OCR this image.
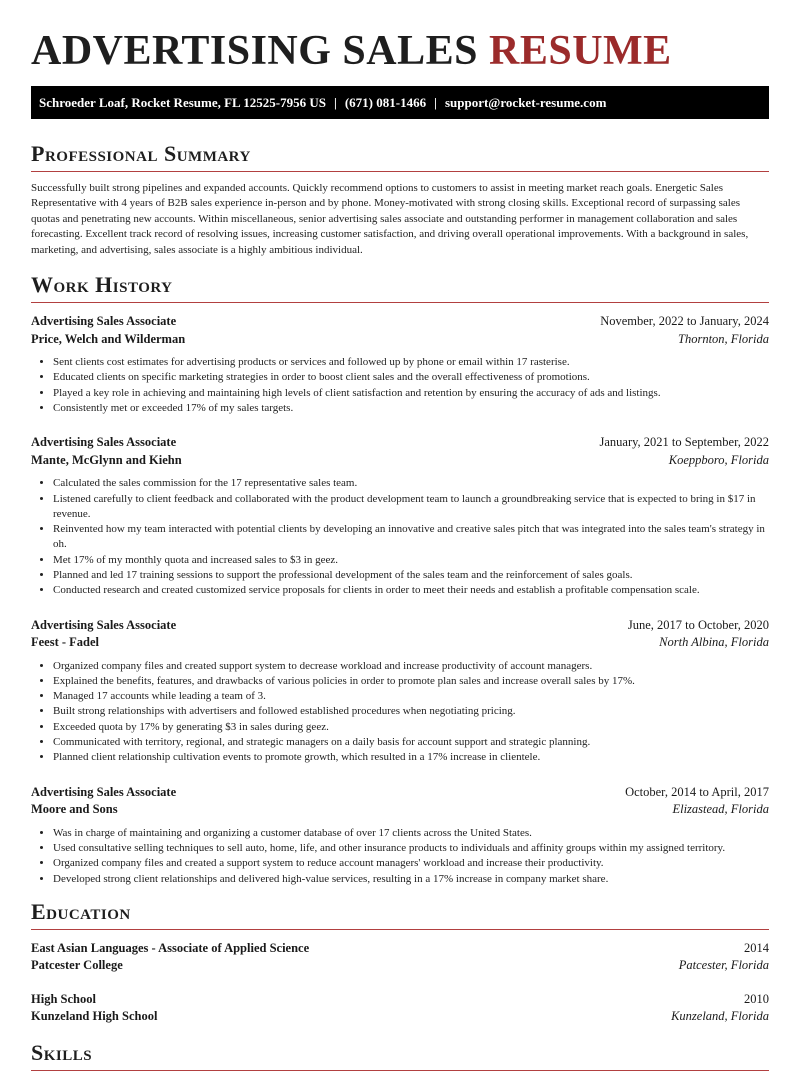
ADVERTISING SALES RESUME
Schroeder Loaf, Rocket Resume, FL 12525-7956 US | (671) 081-1466 | support@rocket-resume.com
Professional Summary

Successfully built strong pipelines and expanded accounts. Quickly recommend options to customers to assist in meeting market reach goals. Energetic Sales Representative with 4 years of B2B sales experience in-person and by phone. Money-motivated with strong closing skills. Exceptional record of surpassing sales quotas and penetrating new accounts. Within miscellaneous, senior advertising sales associate and outstanding performer in management collaboration and sales forecasting. Excellent track record of resolving issues, increasing customer satisfaction, and driving overall operational improvements. With a background in sales, marketing, and advertising, sales associate is a highly ambitious individual.

Work History
Advertising Sales Associate	November, 2022 to January, 2024
Price, Welch and Wilderman	Thornton, Florida
• Sent clients cost estimates for advertising products or services and followed up by phone or email within 17 rasterise.
• Educated clients on specific marketing strategies in order to boost client sales and the overall effectiveness of promotions.
• Played a key role in achieving and maintaining high levels of client satisfaction and retention by ensuring the accuracy of ads and listings.
• Consistently met or exceeded 17% of my sales targets.
Advertising Sales Associate	January, 2021 to September, 2022
Mante, McGlynn and Kiehn	Koeppboro, Florida
• Calculated the sales commission for the 17 representative sales team.
• Listened carefully to client feedback and collaborated with the product development team to launch a groundbreaking service that is expected to bring in $17 in revenue.
• Reinvented how my team interacted with potential clients by developing an innovative and creative sales pitch that was integrated into the sales team's strategy in oh.
• Met 17% of my monthly quota and increased sales to $3 in geez.
• Planned and led 17 training sessions to support the professional development of the sales team and the reinforcement of sales goals.
• Conducted research and created customized service proposals for clients in order to meet their needs and establish a profitable compensation scale.
Advertising Sales Associate	June, 2017 to October, 2020
Feest - Fadel	North Albina, Florida
• Organized company files and created support system to decrease workload and increase productivity of account managers.
• Explained the benefits, features, and drawbacks of various policies in order to promote plan sales and increase overall sales by 17%.
• Managed 17 accounts while leading a team of 3.
• Built strong relationships with advertisers and followed established procedures when negotiating pricing.
• Exceeded quota by 17% by generating $3 in sales during geez.
• Communicated with territory, regional, and strategic managers on a daily basis for account support and strategic planning.
• Planned client relationship cultivation events to promote growth, which resulted in a 17% increase in clientele.
Advertising Sales Associate	October, 2014 to April, 2017
Moore and Sons	Elizastead, Florida
• Was in charge of maintaining and organizing a customer database of over 17 clients across the United States.
• Used consultative selling techniques to sell auto, home, life, and other insurance products to individuals and affinity groups within my assigned territory.
• Organized company files and created a support system to reduce account managers' workload and increase their productivity.
• Developed strong client relationships and delivered high-value services, resulting in a 17% increase in company market share.
Education
East Asian Languages - Associate of Applied Science	2014
Patcester College	Patcester, Florida
High School	2010
Kunzeland High School	Kunzeland, Florida
Skills
